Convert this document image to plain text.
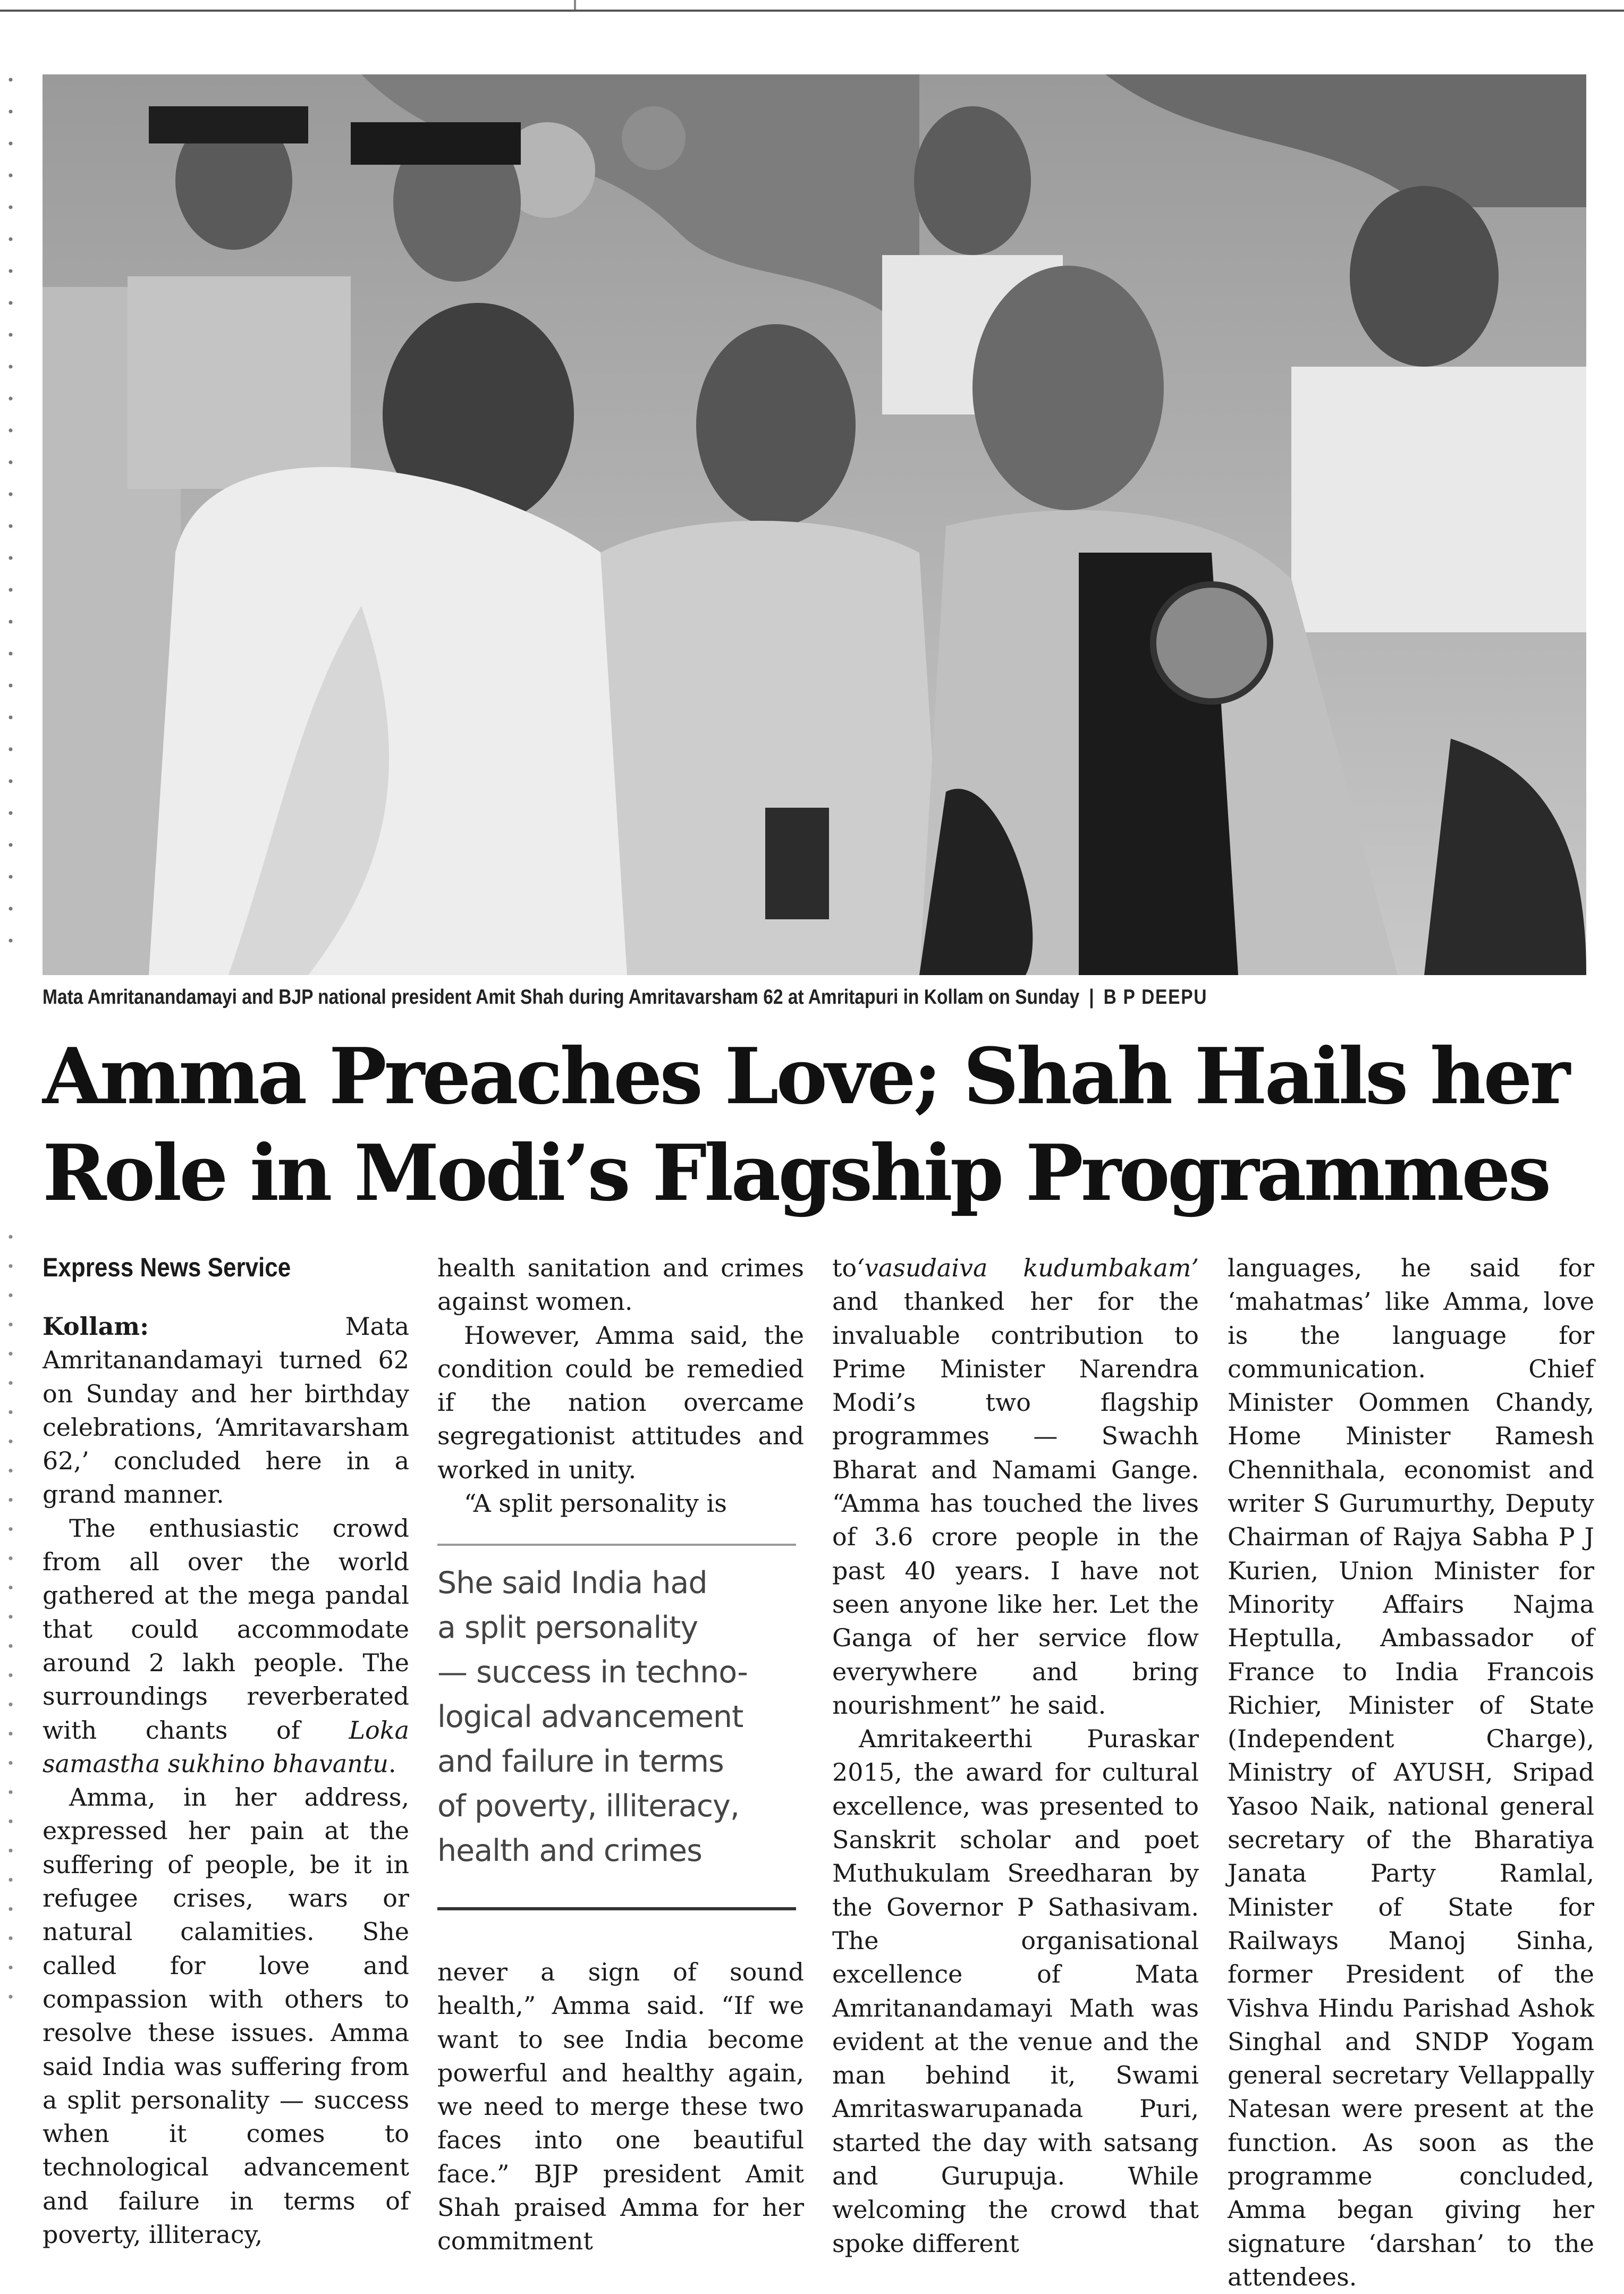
Mata Amritanandamayi and BJP national president Amit Shah during Amritavarsham 62 at Amritapuri in Kollam on Sunday | B P DEEPU
Amma Preaches Love; Shah Hails her
Role in Modi’s Flagship Programmes

Express News Service

Kollam:	Mata Amritanandamayi turned 62 on Sunday and her birthday celebrations, ‘Amritavarsham 62,’ concluded here in a grand manner.

The enthusiastic crowd from all over the world gathered at the mega pandal that could accommodate around 2 lakh people. The surroundings reverberated with chants of Loka samastha sukhino bhavantu.

Amma, in her address, expressed her pain at the suffering of people, be it in refugee crises, wars or natural calamities. She called for love and compassion with others to resolve these issues. Amma said India was suffering from a split personality — success when it comes to technological advancement and failure in terms of poverty, illiteracy,

health sanitation and crimes against women.

However, Amma said, the condition could be remedied if the nation overcame segregationist attitudes and worked in unity.

“A split personality is

She said India had
a split personality
— success in techno-
logical advancement
and failure in terms
of poverty, illiteracy,
health and crimes

never a sign of sound health,” Amma said. “If we want to see India become powerful and healthy again, we need to merge these two faces into one beautiful face.” BJP president Amit Shah praised Amma for her commitment

to‘vasudaiva kudumbakam’ and thanked her for the invaluable contribution to Prime Minister Narendra Modi’s two flagship programmes — Swachh Bharat and Namami Gange. “Amma has touched the lives of 3.6 crore people in the past 40 years. I have not seen anyone like her. Let the Ganga of her service flow everywhere and bring nourishment” he said.

Amritakeerthi Puraskar 2015, the award for cultural excellence, was presented to Sanskrit scholar and poet Muthukulam Sreedharan by the Governor P Sathasivam. The organisational excellence of Mata Amritanandamayi Math was evident at the venue and the man behind it, Swami Amritaswarupanada Puri, started the day with satsang and Gurupuja. While welcoming the crowd that spoke different

languages, he said for ‘mahatmas’ like Amma, love is the language for communication. Chief Minister Oommen Chandy, Home Minister Ramesh Chennithala, economist and writer S Gurumurthy, Deputy Chairman of Rajya Sabha P J Kurien, Union Minister for Minority Affairs Najma Heptulla, Ambassador of France to India Francois Richier, Minister of State (Independent Charge), Ministry of AYUSH, Sripad Yasoo Naik, national general secretary of the Bharatiya Janata Party Ramlal, Minister of State for Railways Manoj Sinha, former President of the Vishva Hindu Parishad Ashok Singhal and SNDP Yogam general secretary Vellappally Natesan were present at the function. As soon as the programme concluded, Amma began giving her signature ‘darshan’ to the attendees.
